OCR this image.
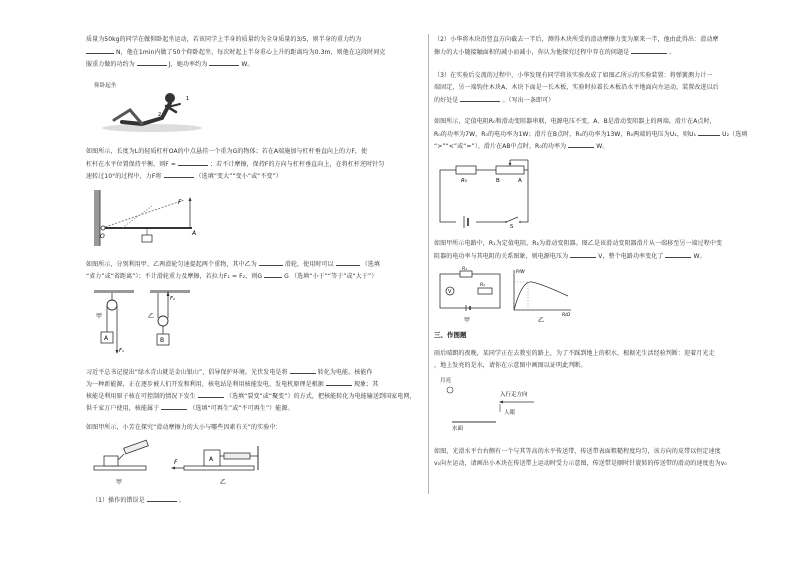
质量为50kg的同学在做仰卧起坐运动，若该同学上半身的质量约为全身质量的3/5，则半身的重力约为
N，他在1min内做了50个仰卧起坐，每次时起上半身重心上升的距离均为0.3m，则他在这段时间克
服重力做的功约为	J，她功率约为	W。
仰卧起坐
1
2
如图所示，长度为L的轻质杠杆OA的中点悬挂一个重为G的物体；若在A端施加与杠杆垂直向上的力F，使
杠杆在水平位置保持平衡，则F =	；若不计摩擦，保持F的方向与杠杆垂直向上，在将杠杆逆时针匀
速转过10°的过程中，力F将	（选填“变大”“变小”或“不变”）
F
O	A
如图所示，分别利用甲、乙两滑轮匀速提起两个重物，其中乙为	滑轮，使用时可以	（选填
“省力”或“省距离”）；不计滑轮重力及摩擦，若拉力F₁ = F₂，则G	G （选填“小于”“等于”或“大于”）
A
F₁
甲
B
F₂
乙
习近平总书记提出“绿水青山就是金山银山”，倡导保护环境。光伏发电是将	转化为电能。核能作
为一种新能源，正在逐步被人们开发和利用，核电站是利用核能发电，发电机原理是根据	现象；其
核能是利用原子核在可控制的情况下发生	（选填“裂变”或“聚变”）的方式，把核能转化为电能输送到国家电网，
供千家万户使用，核能属于	（选填“可再生”或“不可再生”）能源。
如图甲所示，小芳在探究“滑动摩擦力的大小与哪些因素有关”的实验中：
甲
A
F
乙
（1）操作的错误是	。
（2）小华将木块沿竖直方向截去一半后，测得木块所受的滑动摩擦力变为原来一半，他由此得出：滑动摩
擦力的大小随接触面积的减小而减小，你认为他探究过程中存在的问题是	。
（3）在实验后交流的过程中，小华发现有同学将该实验改成了如图乙所示的实验装置：将弹簧测力计一
端固定，另一端钩住木块A，木块下面是一长木板，实验时拉着长木板沿水平地面向左运动，装置改进以后
的好处是	。（写出一条即可）
如图所示，定值电阻R₀和滑动变阻器串联，电源电压不变，A、B是滑动变阻器上的两端。滑片在A点时，
R₀的功率为7W，R₀的电功率为1W；滑片在B点时，R₀的功率为13W，R₀两端的电压为U₁，则U₁	U₂（选填
“>”“<”或“=”），滑片在AB中点时，R₀的功率为	W。
R₀	B	A
S
如图甲所示电路中，R₁为定值电阻，R₂为滑动变阻器。图乙是该滑动变阻器滑片从一端移至另一端过程中变
阻器的电功率与其电阻的关系图象，则电源电压为	V，整个电路功率变化了	W。
V
R₁
R₂
甲
P/W
R/Ω
乙
三、作图题
雨后晴朗的夜晚，某同学正在去教室的路上，为了不踩到地上的积水，根据光生活经验判断：迎着月光走
，地上发亮的是水，请你在示意图中画图以证明此判断。
月亮
入行走方向
人眼
水面
如图，光滑水平台右侧有一个与其等高的水平传送带，传送带表面粗糙程度均匀，该方向的皮带以恒定速度
v₀向左运动，请画出小木块在传送带上运动时受力示意图，传送带是顺时针旋转的传送带的滑动的速度也为v₀
